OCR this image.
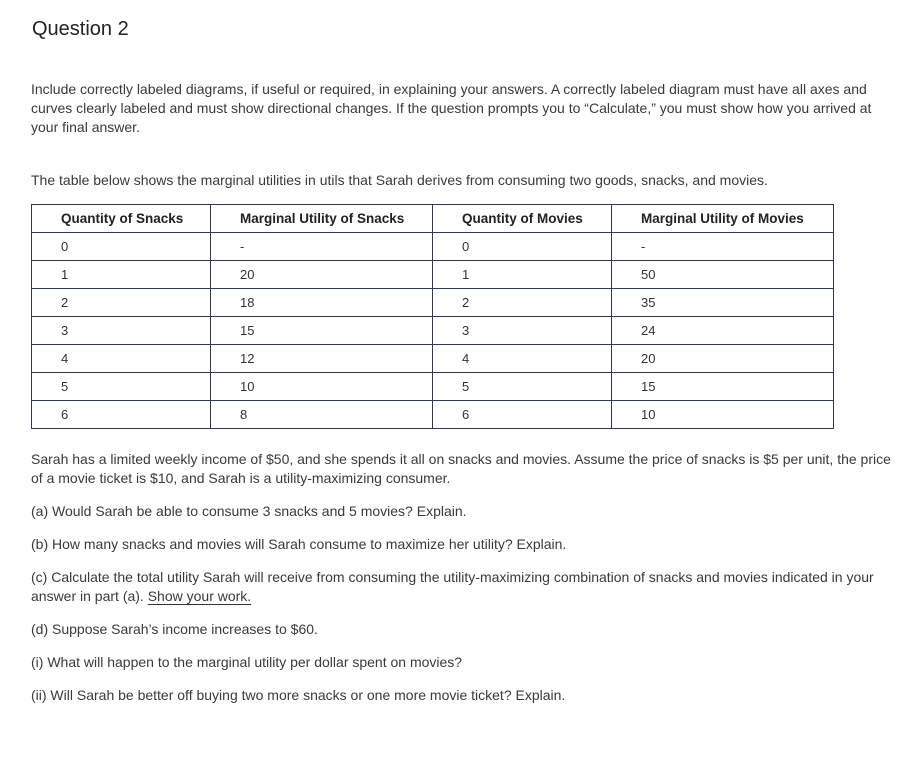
Question 2
Include correctly labeled diagrams, if useful or required, in explaining your answers. A correctly labeled diagram must have all axes and curves clearly labeled and must show directional changes. If the question prompts you to “Calculate,” you must show how you arrived at your final answer.
The table below shows the marginal utilities in utils that Sarah derives from consuming two goods, snacks, and movies.
Quantity of Snacks	Marginal Utility of Snacks	Quantity of Movies	Marginal Utility of Movies
0	-	0	-
1	20	1	50
2	18	2	35
3	15	3	24
4	12	4	20
5	10	5	15
6	8	6	10

Sarah has a limited weekly income of $50, and she spends it all on snacks and movies. Assume the price of snacks is $5 per unit, the price of a movie ticket is $10, and Sarah is a utility-maximizing consumer.

(a) Would Sarah be able to consume 3 snacks and 5 movies? Explain.

(b) How many snacks and movies will Sarah consume to maximize her utility? Explain.

(c) Calculate the total utility Sarah will receive from consuming the utility-maximizing combination of snacks and movies indicated in your answer in part (a). Show your work.

(d) Suppose Sarah’s income increases to $60.

(i) What will happen to the marginal utility per dollar spent on movies?

(ii) Will Sarah be better off buying two more snacks or one more movie ticket? Explain.
